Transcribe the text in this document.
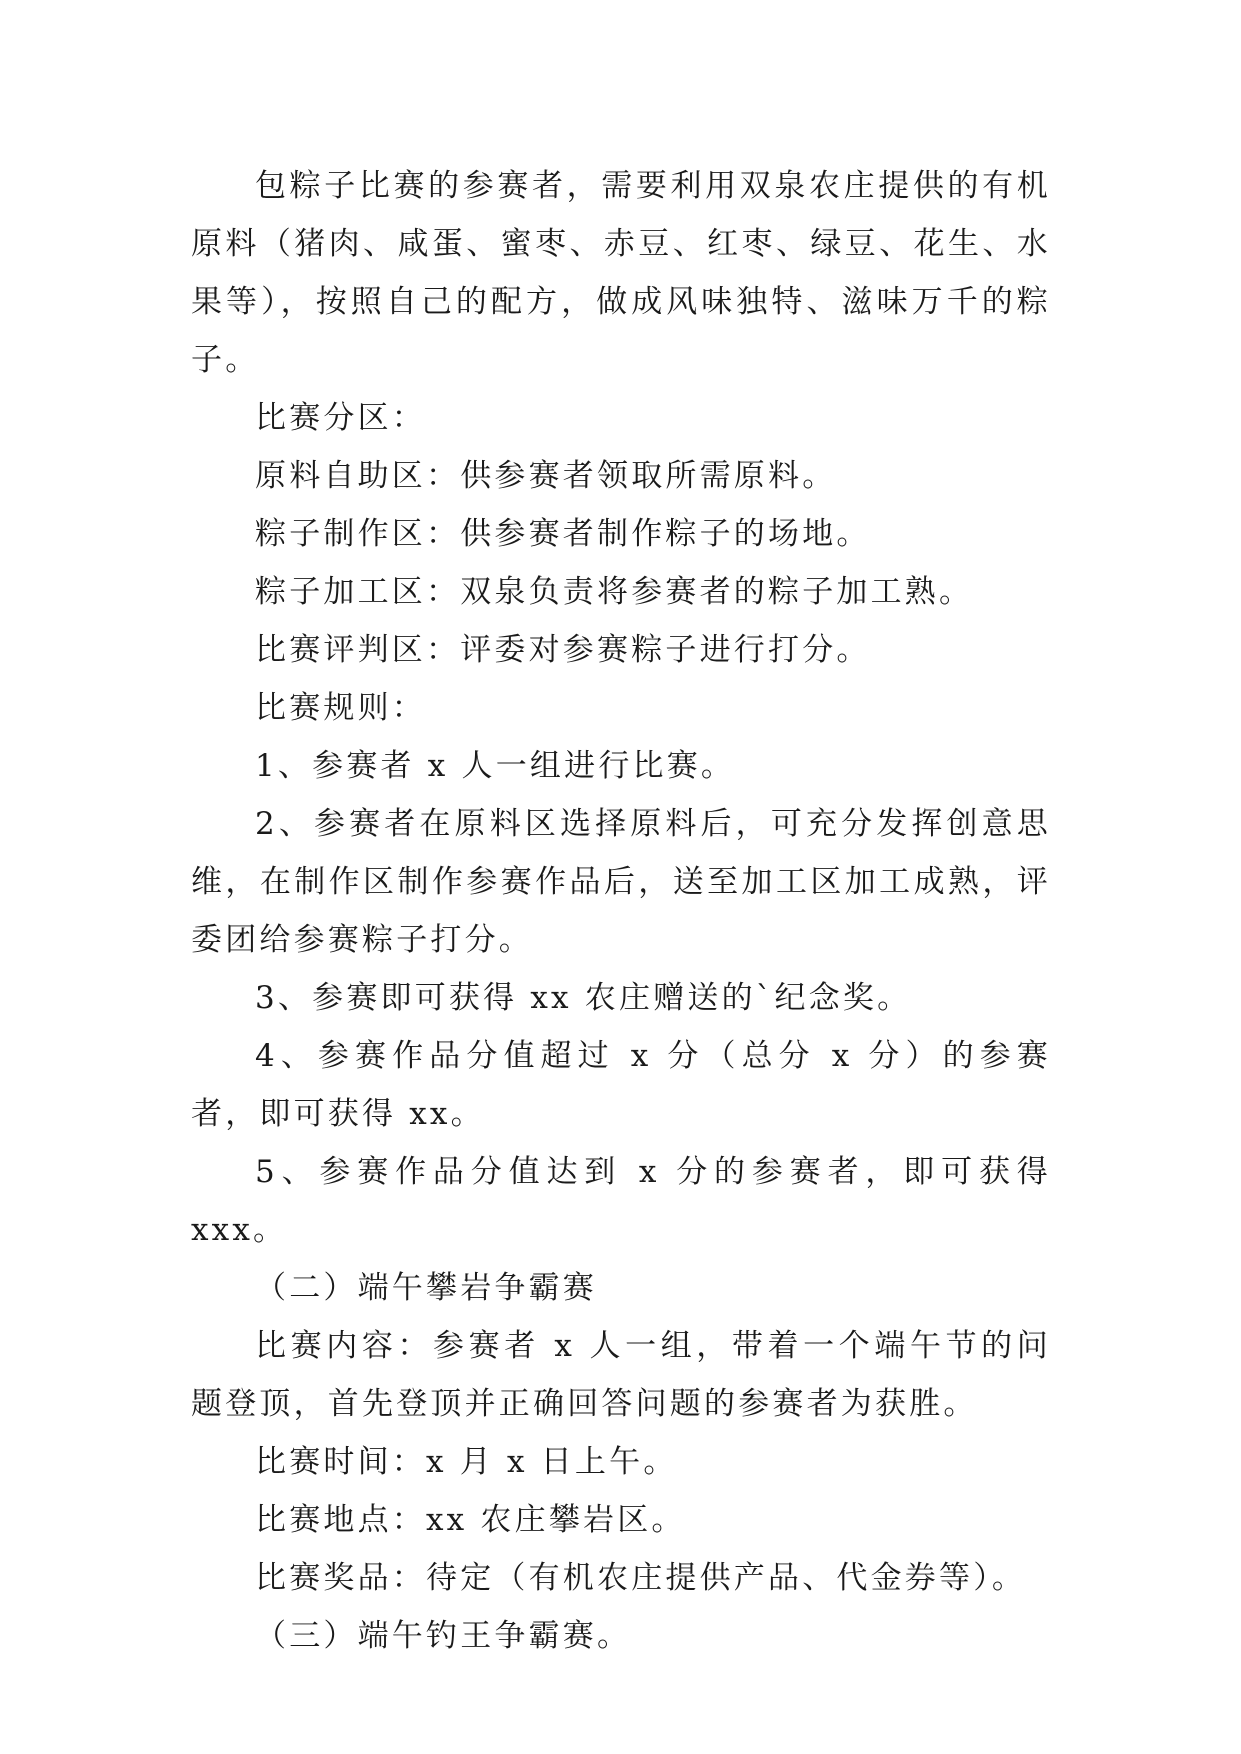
包粽子比赛的参赛者，需要利用双泉农庄提供的有机原料（猪肉、咸蛋、蜜枣、赤豆、红枣、绿豆、花生、水果等），按照自己的配方，做成风味独特、滋味万千的粽子。

比赛分区：

原料自助区：供参赛者领取所需原料。

粽子制作区：供参赛者制作粽子的场地。

粽子加工区：双泉负责将参赛者的粽子加工熟。

比赛评判区：评委对参赛粽子进行打分。

比赛规则：

1、参赛者 x 人一组进行比赛。

2、参赛者在原料区选择原料后，可充分发挥创意思维，在制作区制作参赛作品后，送至加工区加工成熟，评委团给参赛粽子打分。

3、参赛即可获得 xx 农庄赠送的`纪念奖。

4、参赛作品分值超过 x 分（总分 x 分）的参赛者，即可获得 xx。

5、参赛作品分值达到 x 分的参赛者，即可获得 xxx。

（二）端午攀岩争霸赛

比赛内容：参赛者 x 人一组，带着一个端午节的问题登顶，首先登顶并正确回答问题的参赛者为获胜。

比赛时间：x 月 x 日上午。

比赛地点：xx 农庄攀岩区。

比赛奖品：待定（有机农庄提供产品、代金券等）。

（三）端午钓王争霸赛。
